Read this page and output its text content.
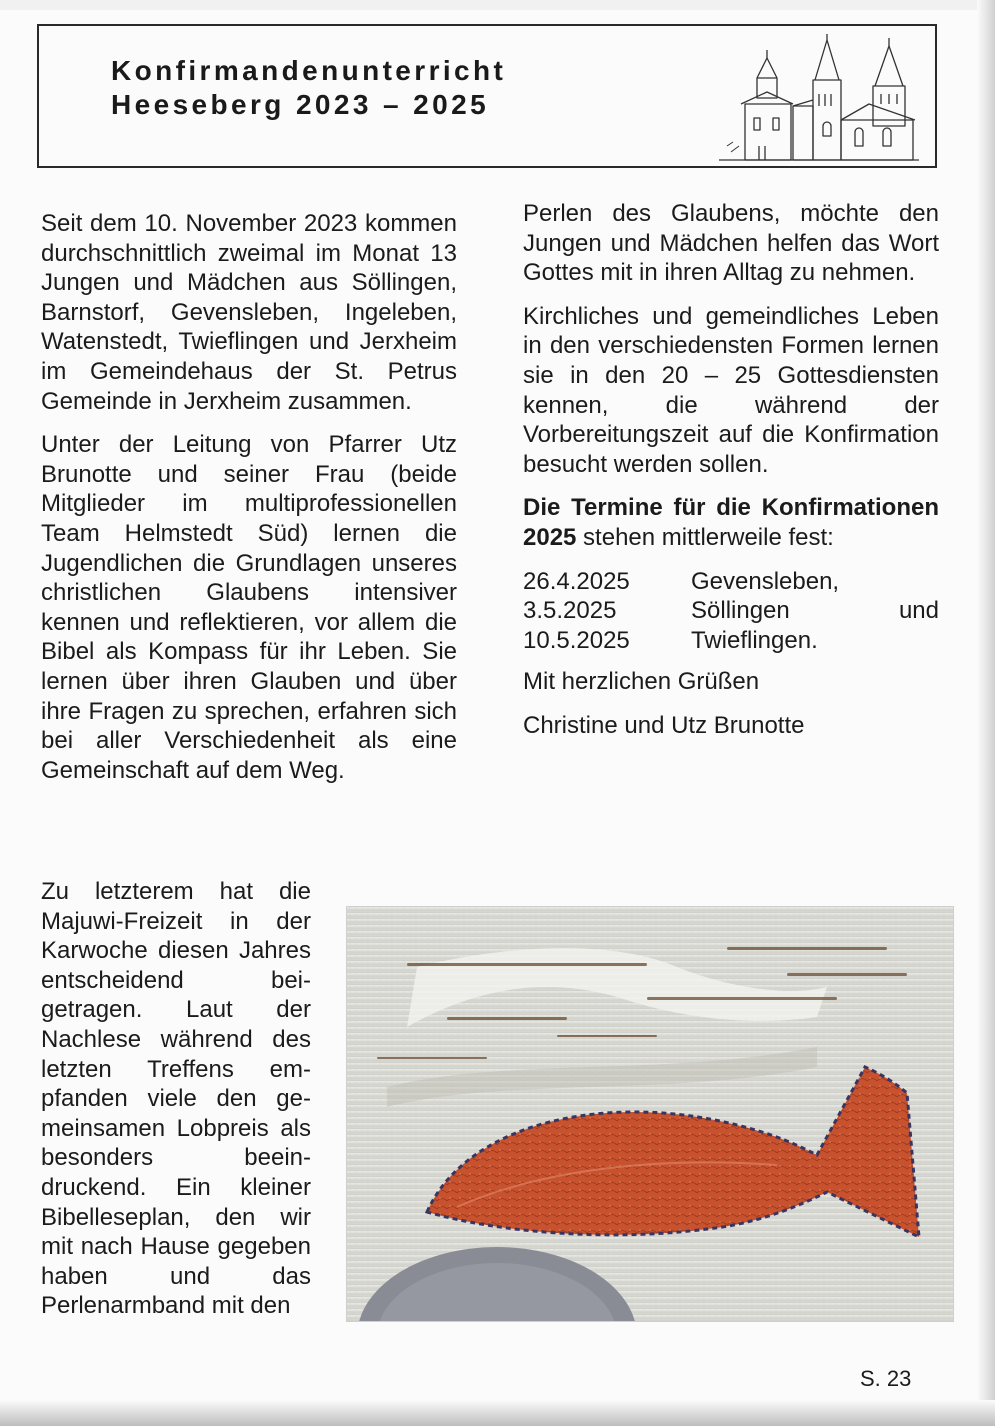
Konfirmandenunterricht
Heeseberg 2023 – 2025

Seit dem 10. November 2023 kommen durchschnittlich zweimal im Monat 13 Jungen und Mädchen aus Söllingen, Barnstorf, Gevensleben, Ingeleben, Watenstedt, Twieflingen und Jerxheim im Gemeindehaus der St. Petrus Gemeinde in Jerxheim zusammen.

Unter der Leitung von Pfarrer Utz Brunotte und seiner Frau (beide Mitglieder im multiprofessionellen Team Helmstedt Süd) lernen die Jugendlichen die Grundlagen unseres christlichen Glaubens intensiver kennen und reflektieren, vor allem die Bibel als Kompass für ihr Leben. Sie lernen über ihren Glauben und über ihre Fragen zu sprechen, erfahren sich bei aller Verschiedenheit als eine Gemeinschaft auf dem Weg.

Zu letzterem hat die Majuwi-Freizeit in der Karwoche diesen Jahres entscheidend beigetragen. Laut der Nachlese während des letzten Treffens empfanden viele den gemeinsamen Lobpreis als besonders beeindruckend. Ein kleiner Bibelleseplan, den wir mit nach Hause gegeben haben und das Perlenarmband mit den

Perlen des Glaubens, möchte den Jungen und Mädchen helfen das Wort Gottes mit in ihren Alltag zu nehmen.

Kirchliches und gemeindliches Leben in den verschiedensten Formen lernen sie in den 20 – 25 Gottesdiensten kennen, die während der Vorbereitungszeit auf die Konfirmation besucht werden sollen.

Die Termine für die Konfirmationen 2025 stehen mittlerweile fest:

26.4.2025	Gevensleben,
3.5.2025	Söllingen und
10.5.2025	Twieflingen.

Mit herzlichen Grüßen

Christine und Utz Brunotte

S. 23
